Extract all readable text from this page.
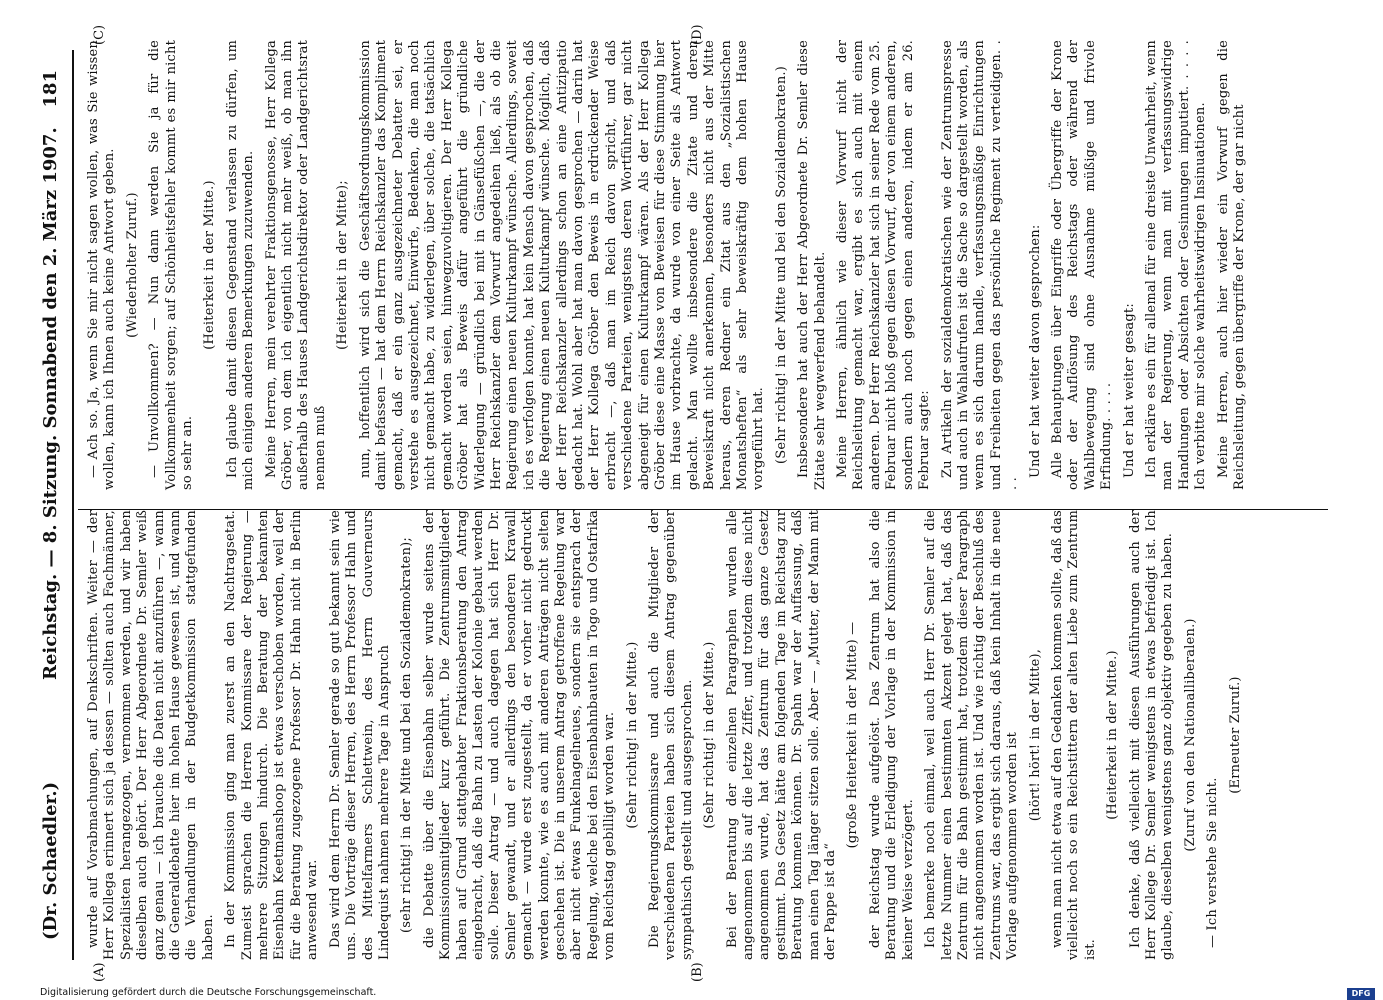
(Dr. Schaedler.)
Reichstag. — 8. Sitzung. Sonnabend den 2. März 1907.
181
(A)	(B)
(C)	(D)

wurde auf Vorabmachungen, auf Denkschriften. Weiter — der Herr Kollega erinnert sich ja dessen — sollten auch Fachmänner, Spezialisten herangezogen, vernommen werden, und wir haben dieselben auch gehört. Der Herr Abgeordnete Dr. Semler weiß ganz genau — ich brauche die Daten nicht anzuführen —, wann die Generaldebatte hier im hohen Hause gewesen ist, und wann die Verhandlungen in der Budgetkommission stattgefunden haben. In der Kommission ging man zuerst an den Nachtragsetat. Zumeist sprachen die Herren Kommissare der Regierung — mehrere Sitzungen hindurch. Die Beratung der bekannten Eisenbahn Keetmanshoop ist etwas verschoben worden, weil der für die Beratung zugezogene Professor Dr. Hahn nicht in Berlin anwesend war. Das wird dem Herrn Dr. Semler gerade so gut bekannt sein wie uns. Die Vorträge dieser Herren, des Herrn Professor Hahn und des Mittelfarmers Schlettwein, des Herrn Gouverneurs Lindequist nahmen mehrere Tage in Anspruch (sehr richtig! in der Mitte und bei den Sozialdemokraten); die Debatte über die Eisenbahn selber wurde seitens der Kommissionsmitglieder kurz geführt. Die Zentrumsmitglieder haben auf Grund stattgehabter Fraktionsberatung den Antrag eingebracht, daß die Bahn zu Lasten der Kolonie gebaut werden solle. Dieser Antrag — und auch dagegen hat sich Herr Dr. Semler gewandt, und er allerdings den besonderen Krawall gemacht — wurde erst zugestellt, da er vorher nicht gedruckt werden konnte, wie es auch mit anderen Anträgen nicht selten geschehen ist. Die in unserem Antrag getroffene Regelung war aber nicht etwas Funkelnagelneues, sondern sie entsprach der Regelung, welche bei den Eisenbahnbauten in Togo und Ostafrika vom Reichstag gebilligt worden war. (Sehr richtig! in der Mitte.) Die Regierungskommissare und auch die Mitglieder der verschiedenen Parteien haben sich diesem Antrag gegenüber sympathisch gestellt und ausgesprochen. (Sehr richtig! in der Mitte.) Bei der Beratung der einzelnen Paragraphen wurden alle angenommen bis auf die letzte Ziffer, und trotzdem diese nicht angenommen wurde, hat das Zentrum für das ganze Gesetz gestimmt. Das Gesetz hätte am folgenden Tage im Reichstag zur Beratung kommen können. Dr. Spahn war der Auffassung, daß man einen Tag länger sitzen solle. Aber — „Mutter, der Mann mit der Pappe ist da“

(große Heiterkeit in der Mitte) — der Reichstag wurde aufgelöst. Das Zentrum hat also die Beratung und die Erledigung der Vorlage in der Kommission in keiner Weise verzögert. Ich bemerke noch einmal, weil auch Herr Dr. Semler auf die letzte Nummer einen bestimmten Akzent gelegt hat, daß das Zentrum für die Bahn gestimmt hat, trotzdem dieser Paragraph nicht angenommen worden ist. Und wie richtig der Beschluß des Zentrums war, das ergibt sich daraus, daß kein Inhalt in die neue Vorlage aufgenommen worden ist (hört! hört! in der Mitte), wenn man nicht etwa auf den Gedanken kommen sollte, daß das vielleicht noch so ein Reichstittern der alten Liebe zum Zentrum ist.

(Heiterkeit in der Mitte.) Ich denke, daß vielleicht mit diesen Ausführungen auch der Herr Kollege Dr. Semler wenigstens in etwas befriedigt ist. Ich glaube, dieselben wenigstens ganz objektiv gegeben zu haben. (Zuruf von den Nationalliberalen.)

— Ich verstehe Sie nicht.

(Erneuter Zuruf.)

— Ach so. Ja, wenn Sie mir nicht sagen wollen, was Sie wissen wollen, kann ich Ihnen auch keine Antwort geben. (Wiederholter Zuruf.) — Unvollkommen? — Nun dann werden Sie ja für die Vollkommenheit sorgen; auf Schönheitsfehler kommt es mir nicht so sehr an.

(Heiterkeit in der Mitte.) Ich glaube damit diesen Gegenstand verlassen zu dürfen, um mich einigen anderen Bemerkungen zuzuwenden. Meine Herren, mein verehrter Fraktionsgenosse, Herr Kollega Gröber, von dem ich eigentlich nicht mehr weiß, ob man ihn außerhalb des Hauses Landgerichtsdirektor oder Landgerichtsrat nennen muß

(Heiterkeit in der Mitte); nun, hoffentlich wird sich die Geschäftsordnungskommission damit befassen — hat dem Herrn Reichskanzler das Kompliment gemacht, daß er ein ganz ausgezeichneter Debatter sei, er verstehe es ausgezeichnet, Einwürfe, Bedenken, die man noch nicht gemacht habe, zu widerlegen, über solche, die tatsächlich gemacht worden seien, hinwegzuvoltigieren. Der Herr Kollega Gröber hat als Beweis dafür angeführt die gründliche Widerlegung — gründlich bei mit in Gänsefüßchen —, die der Herr Reichskanzler dem Vorwurf angedeihen ließ, als ob die Regierung einen neuen Kulturkampf wünsche. Allerdings, soweit ich es verfolgen konnte, hat kein Mensch davon gesprochen, daß die Regierung einen neuen Kulturkampf wünsche. Möglich, daß der Herr Reichskanzler allerdings schon an eine Antizipatio gedacht hat. Wohl aber hat man davon gesprochen — darin hat der Herr Kollega Gröber den Beweis in erdrückender Weise erbracht —, daß man im Reich davon spricht, und daß verschiedene Parteien, wenigstens deren Wortführer, gar nicht abgeneigt für einen Kulturkampf wären. Als der Herr Kollega Gröber diese eine Masse von Beweisen für diese Stimmung hier im Hause vorbrachte, da wurde von einer Seite als Antwort gelacht. Man wollte insbesondere die Zitate und deren Beweiskraft nicht anerkennen, besonders nicht aus der Mitte heraus, deren Redner ein Zitat aus den „Sozialistischen Monatsheften“ als sehr beweiskräftig dem hohen Hause vorgeführt hat. (Sehr richtig! in der Mitte und bei den Sozialdemokraten.) Insbesondere hat auch der Herr Abgeordnete Dr. Semler diese Zitate sehr wegwerfend behandelt. Meine Herren, ähnlich wie dieser Vorwurf nicht der Reichsleitung gemacht war, ergibt es sich auch mit einem anderen. Der Herr Reichskanzler hat sich in seiner Rede vom 25. Februar nicht bloß gegen diesen Vorwurf, der von einem anderen, sondern auch noch gegen einen anderen, indem er am 26. Februar sagte: Zu Artikeln der sozialdemokratischen wie der Zentrumspresse und auch in Wahlaufrufen ist die Sache so dargestellt worden, als wenn es sich darum handle, verfassungsmäßige Einrichtungen und Freiheiten gegen das persönliche Regiment zu verteidigen. . . .

Und er hat weiter davon gesprochen: Alle Behauptungen über Eingriffe oder Übergriffe der Krone oder der Auflösung des Reichstags oder während der Wahlbewegung sind ohne Ausnahme müßige und frivole Erfindung. . . . . Und er hat weiter gesagt: Ich erkläre es ein für allemal für eine dreiste Unwahrheit, wenn man der Regierung, wenn man mit verfassungswidrige Handlungen oder Absichten oder Gesinnungen imputiert. . . . . Ich verbitte mir solche wahrheitswidrigen Insinuationen. Meine Herren, auch hier wieder ein Vorwurf gegen die Reichsleitung, gegen übergriffe der Krone, der gar nicht

Digitalisierung gefördert durch die Deutsche Forschungsgemeinschaft.	DFG
